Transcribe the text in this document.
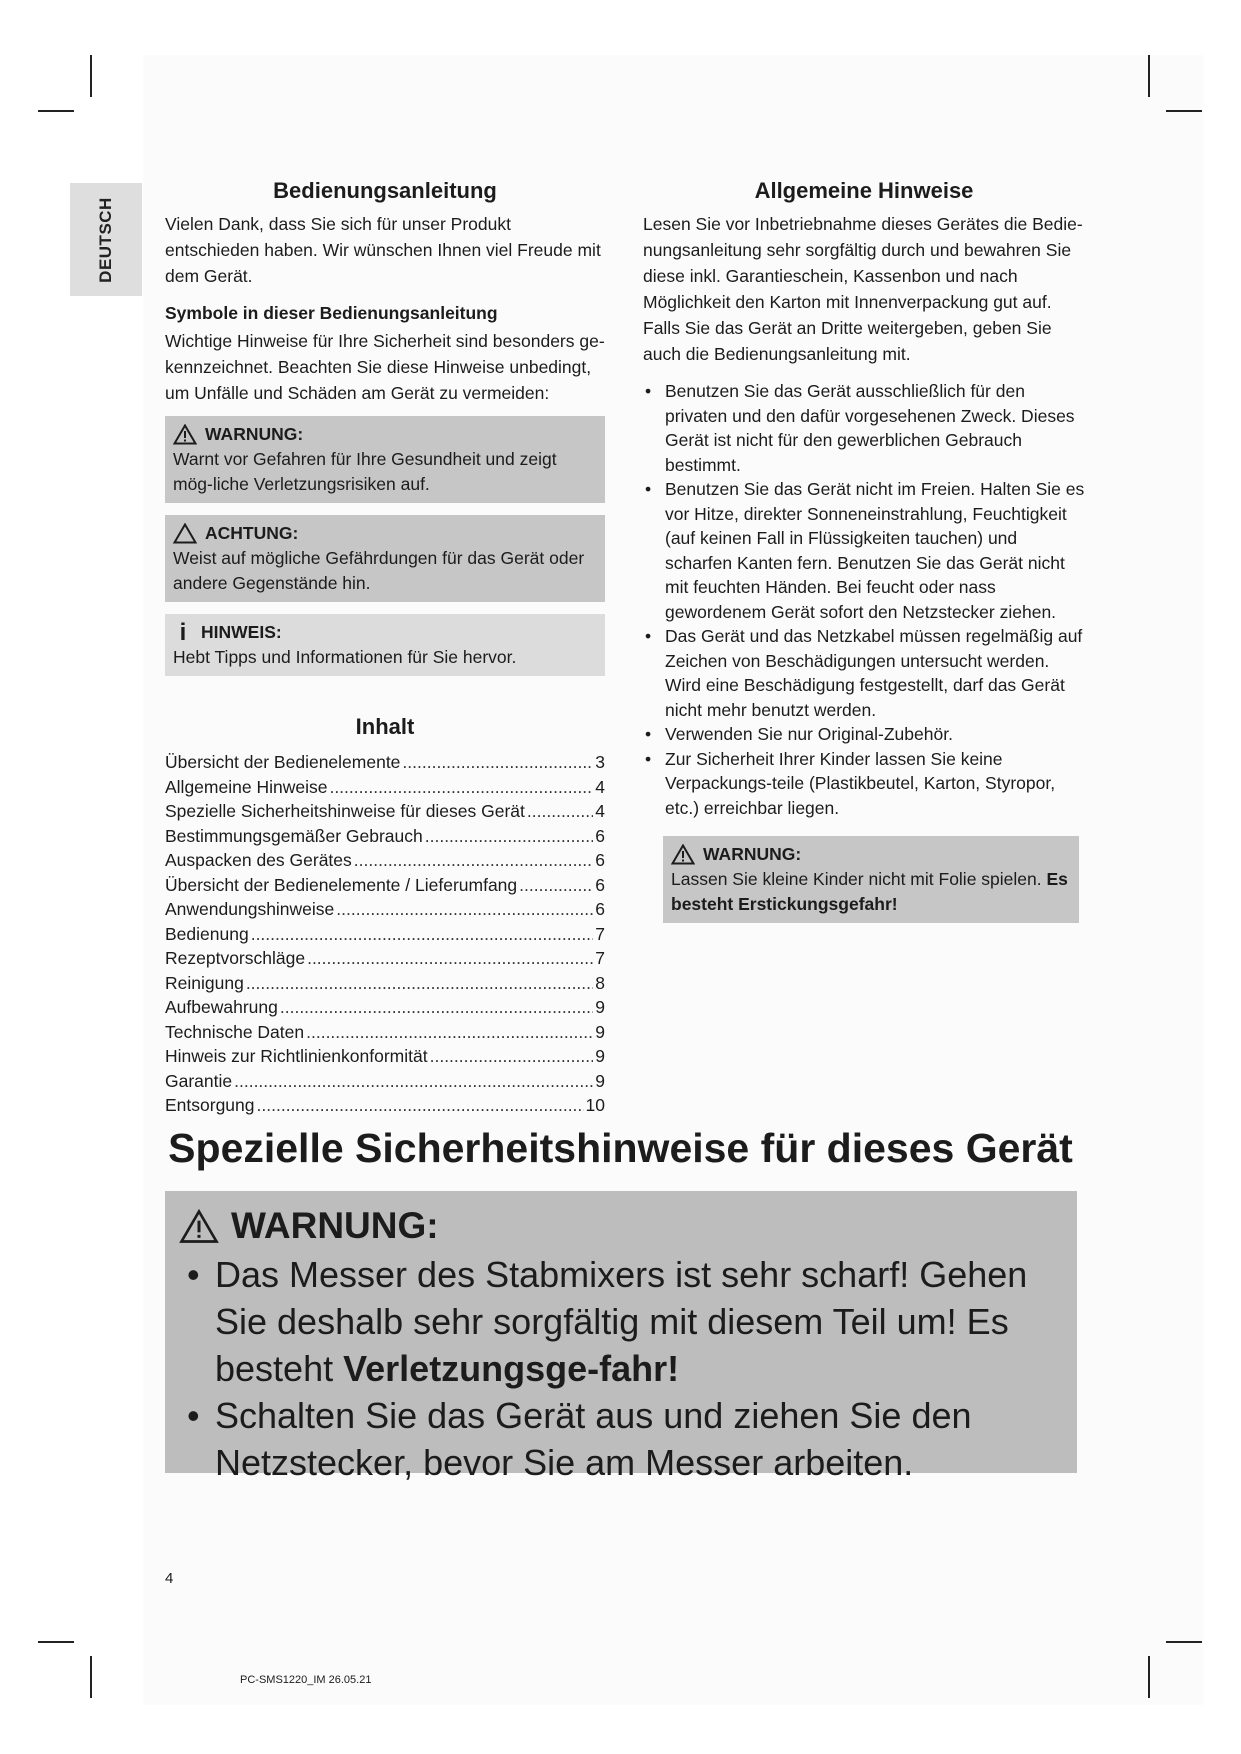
DEUTSCH
Bedienungsanleitung

Vielen Dank, dass Sie sich für unser Produkt entschieden haben. Wir wünschen Ihnen viel Freude mit dem Gerät.

Symbole in dieser Bedienungsanleitung

Wichtige Hinweise für Ihre Sicherheit sind besonders ge-kennzeichnet. Beachten Sie diese Hinweise unbedingt, um Unfälle und Schäden am Gerät zu vermeiden:

WARNUNG:
Warnt vor Gefahren für Ihre Gesundheit und zeigt mög-liche Verletzungsrisiken auf.
ACHTUNG:
Weist auf mögliche Gefährdungen für das Gerät oder andere Gegenstände hin.
i HINWEIS:
Hebt Tipps und Informationen für Sie hervor.
Inhalt
Übersicht der Bedienelemente .....	3
Allgemeine Hinweise .....	4
Spezielle Sicherheitshinweise für dieses Gerät .....	4
Bestimmungsgemäßer Gebrauch .....	6
Auspacken des Gerätes .....	6
Übersicht der Bedienelemente / Lieferumfang .....	6
Anwendungshinweise .....	6
Bedienung .....	7
Rezeptvorschläge .....	7
Reinigung .....	8
Aufbewahrung .....	9
Technische Daten .....	9
Hinweis zur Richtlinienkonformität .....	9
Garantie .....	9
Entsorgung .....	10
Allgemeine Hinweise

Lesen Sie vor Inbetriebnahme dieses Gerätes die Bedie-nungsanleitung sehr sorgfältig durch und bewahren Sie diese inkl. Garantieschein, Kassenbon und nach Möglichkeit den Karton mit Innenverpackung gut auf. Falls Sie das Gerät an Dritte weitergeben, geben Sie auch die Bedienungsanleitung mit.

• Benutzen Sie das Gerät ausschließlich für den privaten und den dafür vorgesehenen Zweck. Dieses Gerät ist nicht für den gewerblichen Gebrauch bestimmt.
• Benutzen Sie das Gerät nicht im Freien. Halten Sie es vor Hitze, direkter Sonneneinstrahlung, Feuchtigkeit (auf keinen Fall in Flüssigkeiten tauchen) und scharfen Kanten fern. Benutzen Sie das Gerät nicht mit feuchten Händen. Bei feucht oder nass gewordenem Gerät sofort den Netzstecker ziehen.
• Das Gerät und das Netzkabel müssen regelmäßig auf Zeichen von Beschädigungen untersucht werden. Wird eine Beschädigung festgestellt, darf das Gerät nicht mehr benutzt werden.
• Verwenden Sie nur Original-Zubehör.
• Zur Sicherheit Ihrer Kinder lassen Sie keine Verpackungs-teile (Plastikbeutel, Karton, Styropor, etc.) erreichbar liegen.
WARNUNG:
Lassen Sie kleine Kinder nicht mit Folie spielen. Es besteht Erstickungsgefahr!
Spezielle Sicherheitshinweise für dieses Gerät
WARNUNG:
• Das Messer des Stabmixers ist sehr scharf! Gehen Sie deshalb sehr sorgfältig mit diesem Teil um! Es besteht Verletzungsge-fahr!
• Schalten Sie das Gerät aus und ziehen Sie den Netzstecker, bevor Sie am Messer arbeiten.
4
PC-SMS1220_IM 26.05.21
